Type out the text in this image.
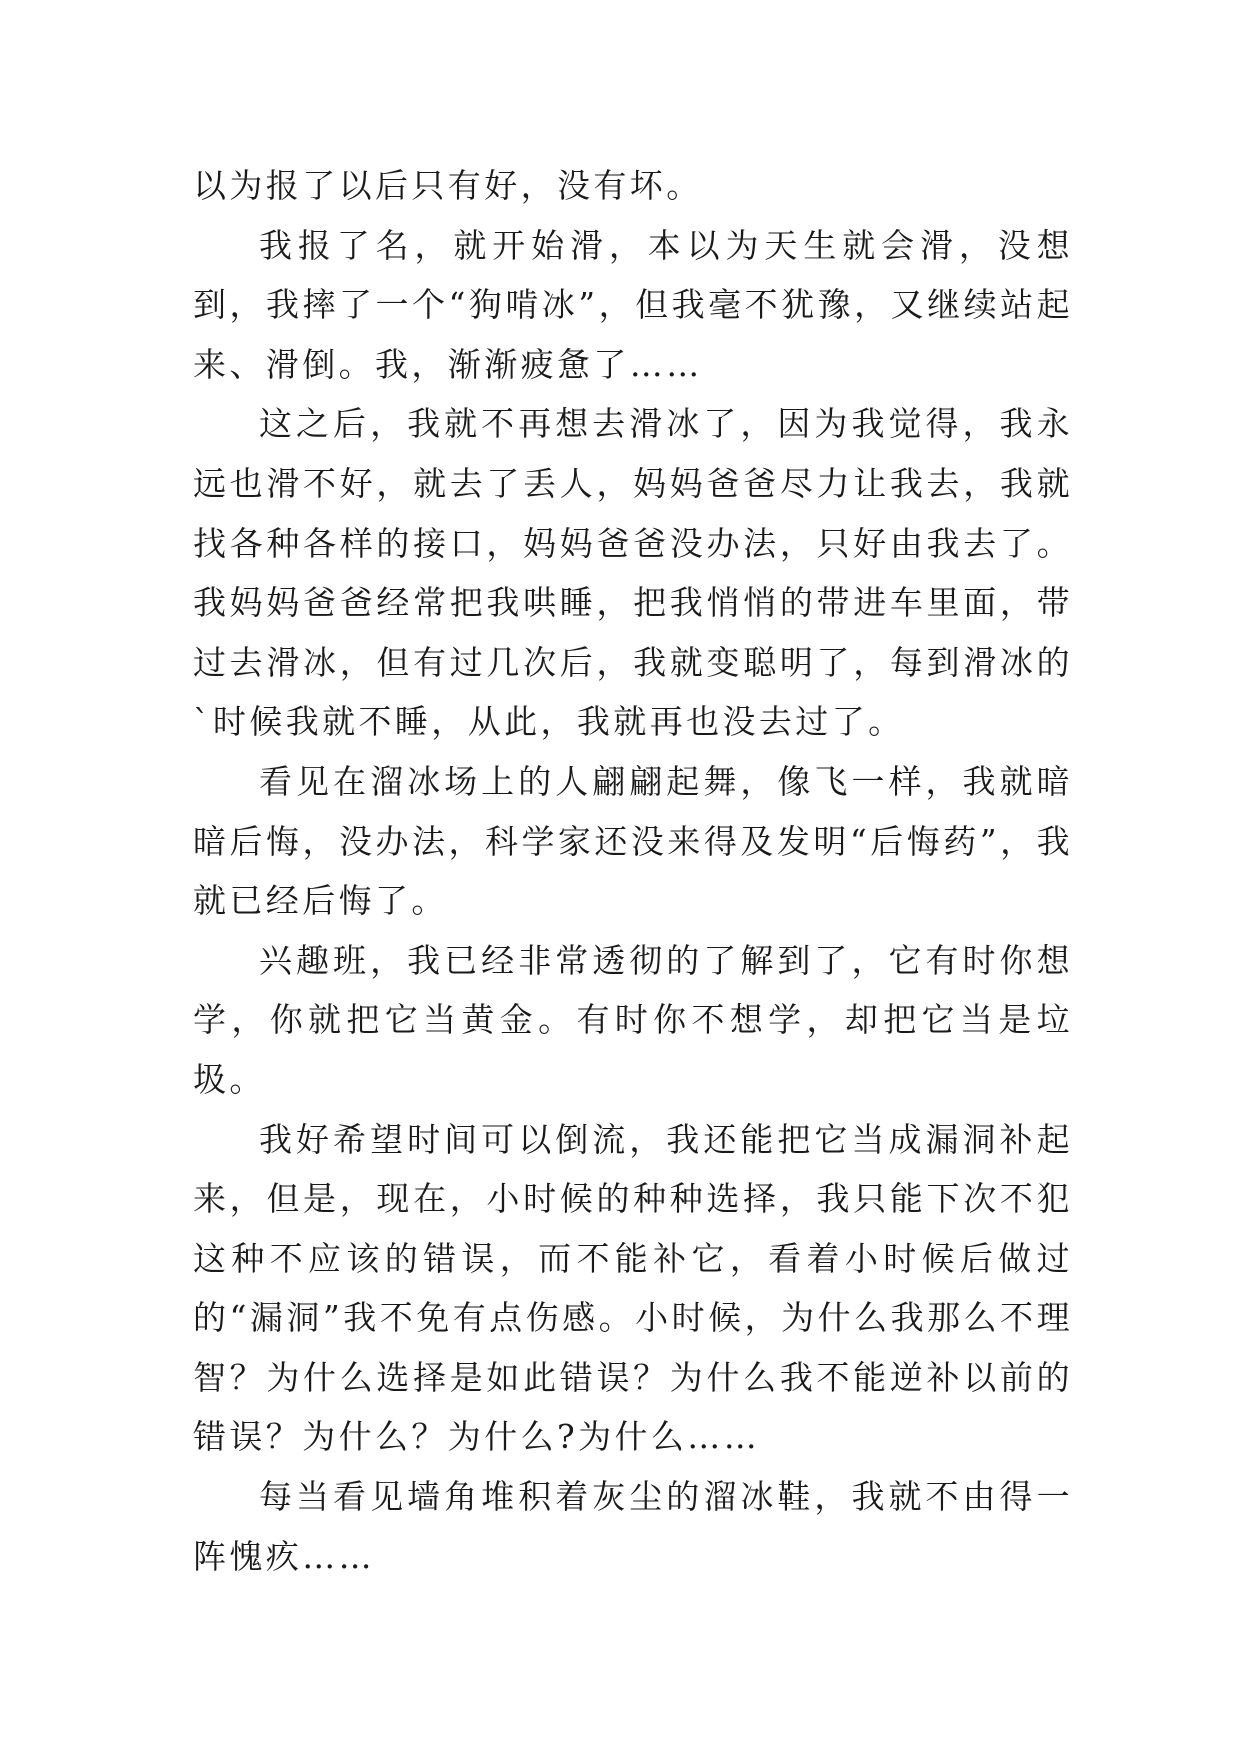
以为报了以后只有好，没有坏。

我报了名，就开始滑，本以为天生就会滑，没想到，我摔了一个“狗啃冰”，但我毫不犹豫，又继续站起来、滑倒。我，渐渐疲惫了……

这之后，我就不再想去滑冰了，因为我觉得，我永远也滑不好，就去了丢人，妈妈爸爸尽力让我去，我就找各种各样的接口，妈妈爸爸没办法，只好由我去了。我妈妈爸爸经常把我哄睡，把我悄悄的带进车里面，带过去滑冰，但有过几次后，我就变聪明了，每到滑冰的`时候我就不睡，从此，我就再也没去过了。

看见在溜冰场上的人翩翩起舞，像飞一样，我就暗暗后悔，没办法，科学家还没来得及发明“后悔药”，我就已经后悔了。

兴趣班，我已经非常透彻的了解到了，它有时你想学，你就把它当黄金。有时你不想学，却把它当是垃圾。

我好希望时间可以倒流，我还能把它当成漏洞补起来，但是，现在，小时候的种种选择，我只能下次不犯这种不应该的错误，而不能补它，看着小时候后做过的“漏洞”我不免有点伤感。小时候，为什么我那么不理智？为什么选择是如此错误？为什么我不能逆补以前的错误？为什么？为什么?为什么……

每当看见墙角堆积着灰尘的溜冰鞋，我就不由得一阵愧疚……
